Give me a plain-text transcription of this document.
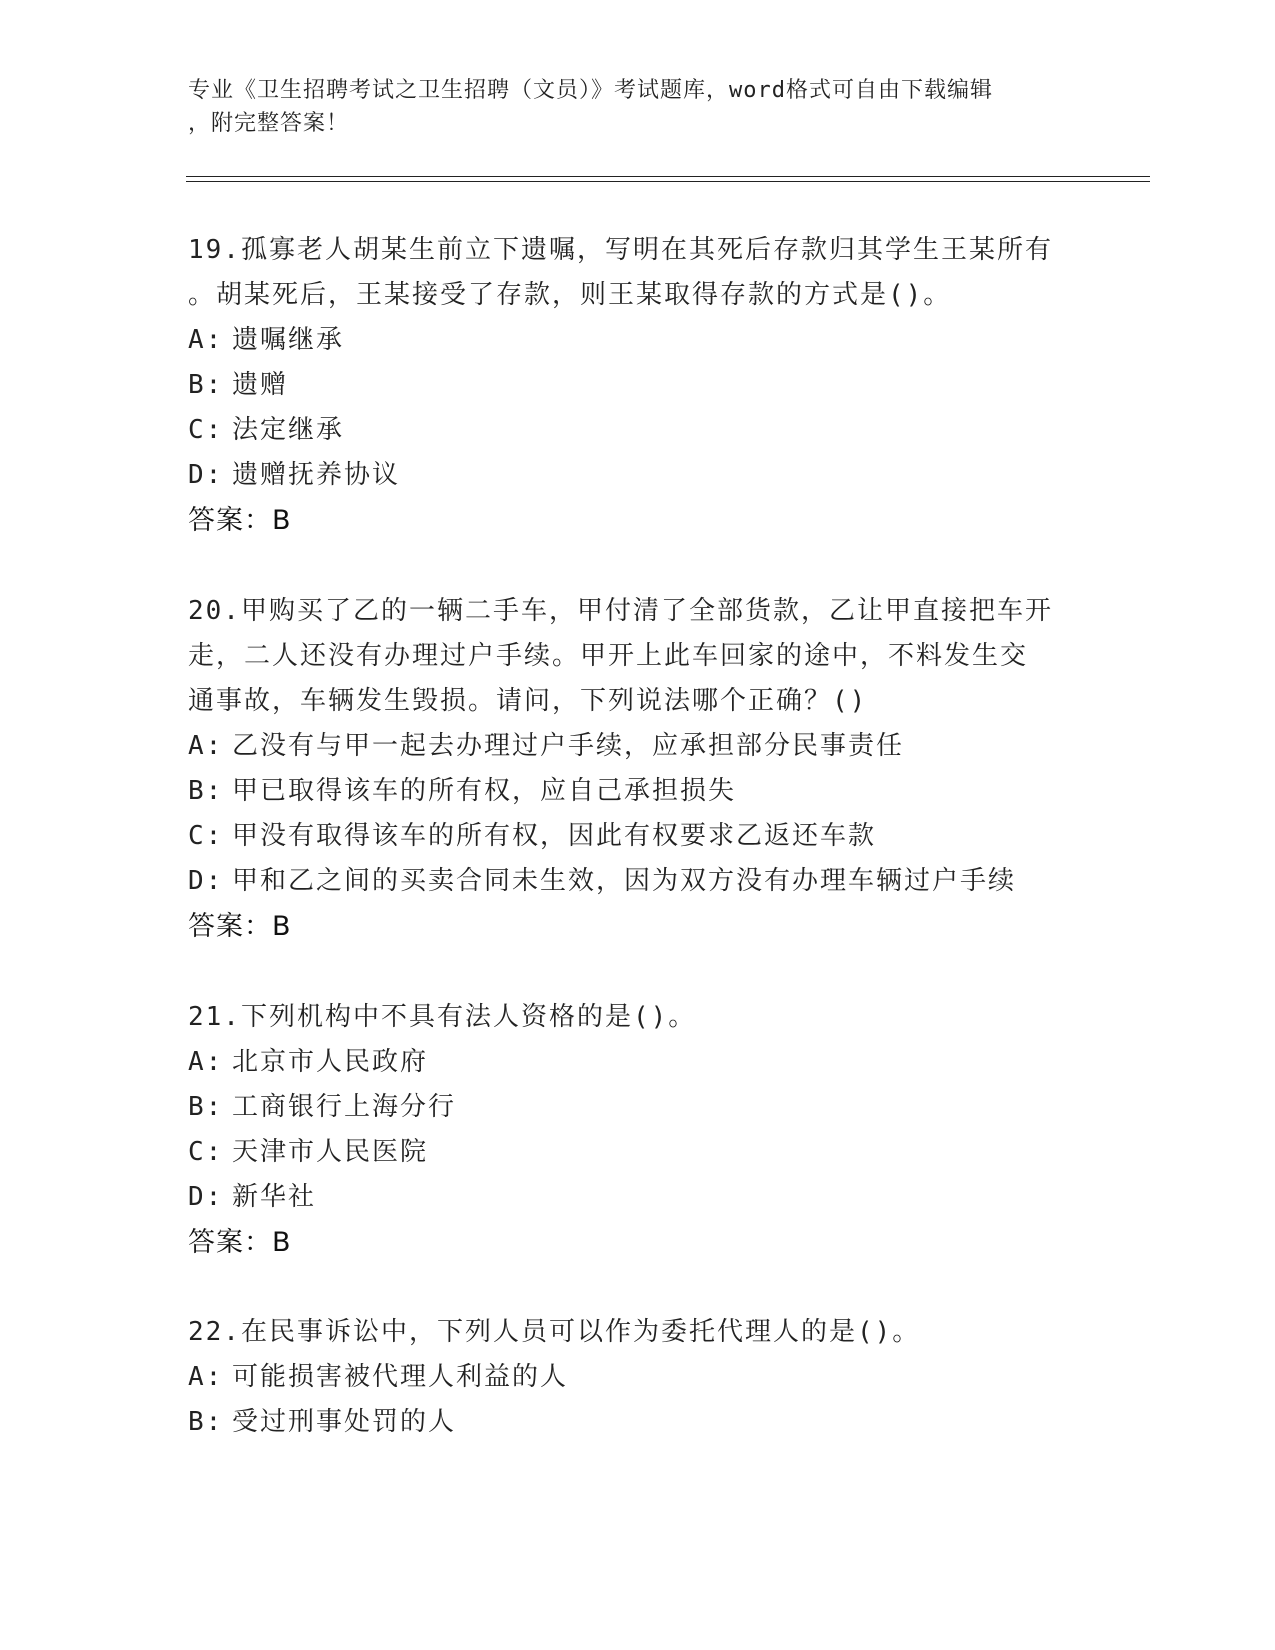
专业《卫生招聘考试之卫生招聘（文员）》考试题库，word格式可自由下载编辑
，附完整答案！
19.孤寡老人胡某生前立下遗嘱，写明在其死后存款归其学生王某所有
。胡某死后，王某接受了存款，则王某取得存款的方式是()。
A: 遗嘱继承
B: 遗赠
C: 法定继承
D: 遗赠抚养协议
答案：B
20.甲购买了乙的一辆二手车，甲付清了全部货款，乙让甲直接把车开
走，二人还没有办理过户手续。甲开上此车回家的途中，不料发生交
通事故，车辆发生毁损。请问，下列说法哪个正确？()
A: 乙没有与甲一起去办理过户手续，应承担部分民事责任
B: 甲已取得该车的所有权，应自己承担损失
C: 甲没有取得该车的所有权，因此有权要求乙返还车款
D: 甲和乙之间的买卖合同未生效，因为双方没有办理车辆过户手续
答案：B
21.下列机构中不具有法人资格的是()。
A: 北京市人民政府
B: 工商银行上海分行
C: 天津市人民医院
D: 新华社
答案：B
22.在民事诉讼中，下列人员可以作为委托代理人的是()。
A: 可能损害被代理人利益的人
B: 受过刑事处罚的人
